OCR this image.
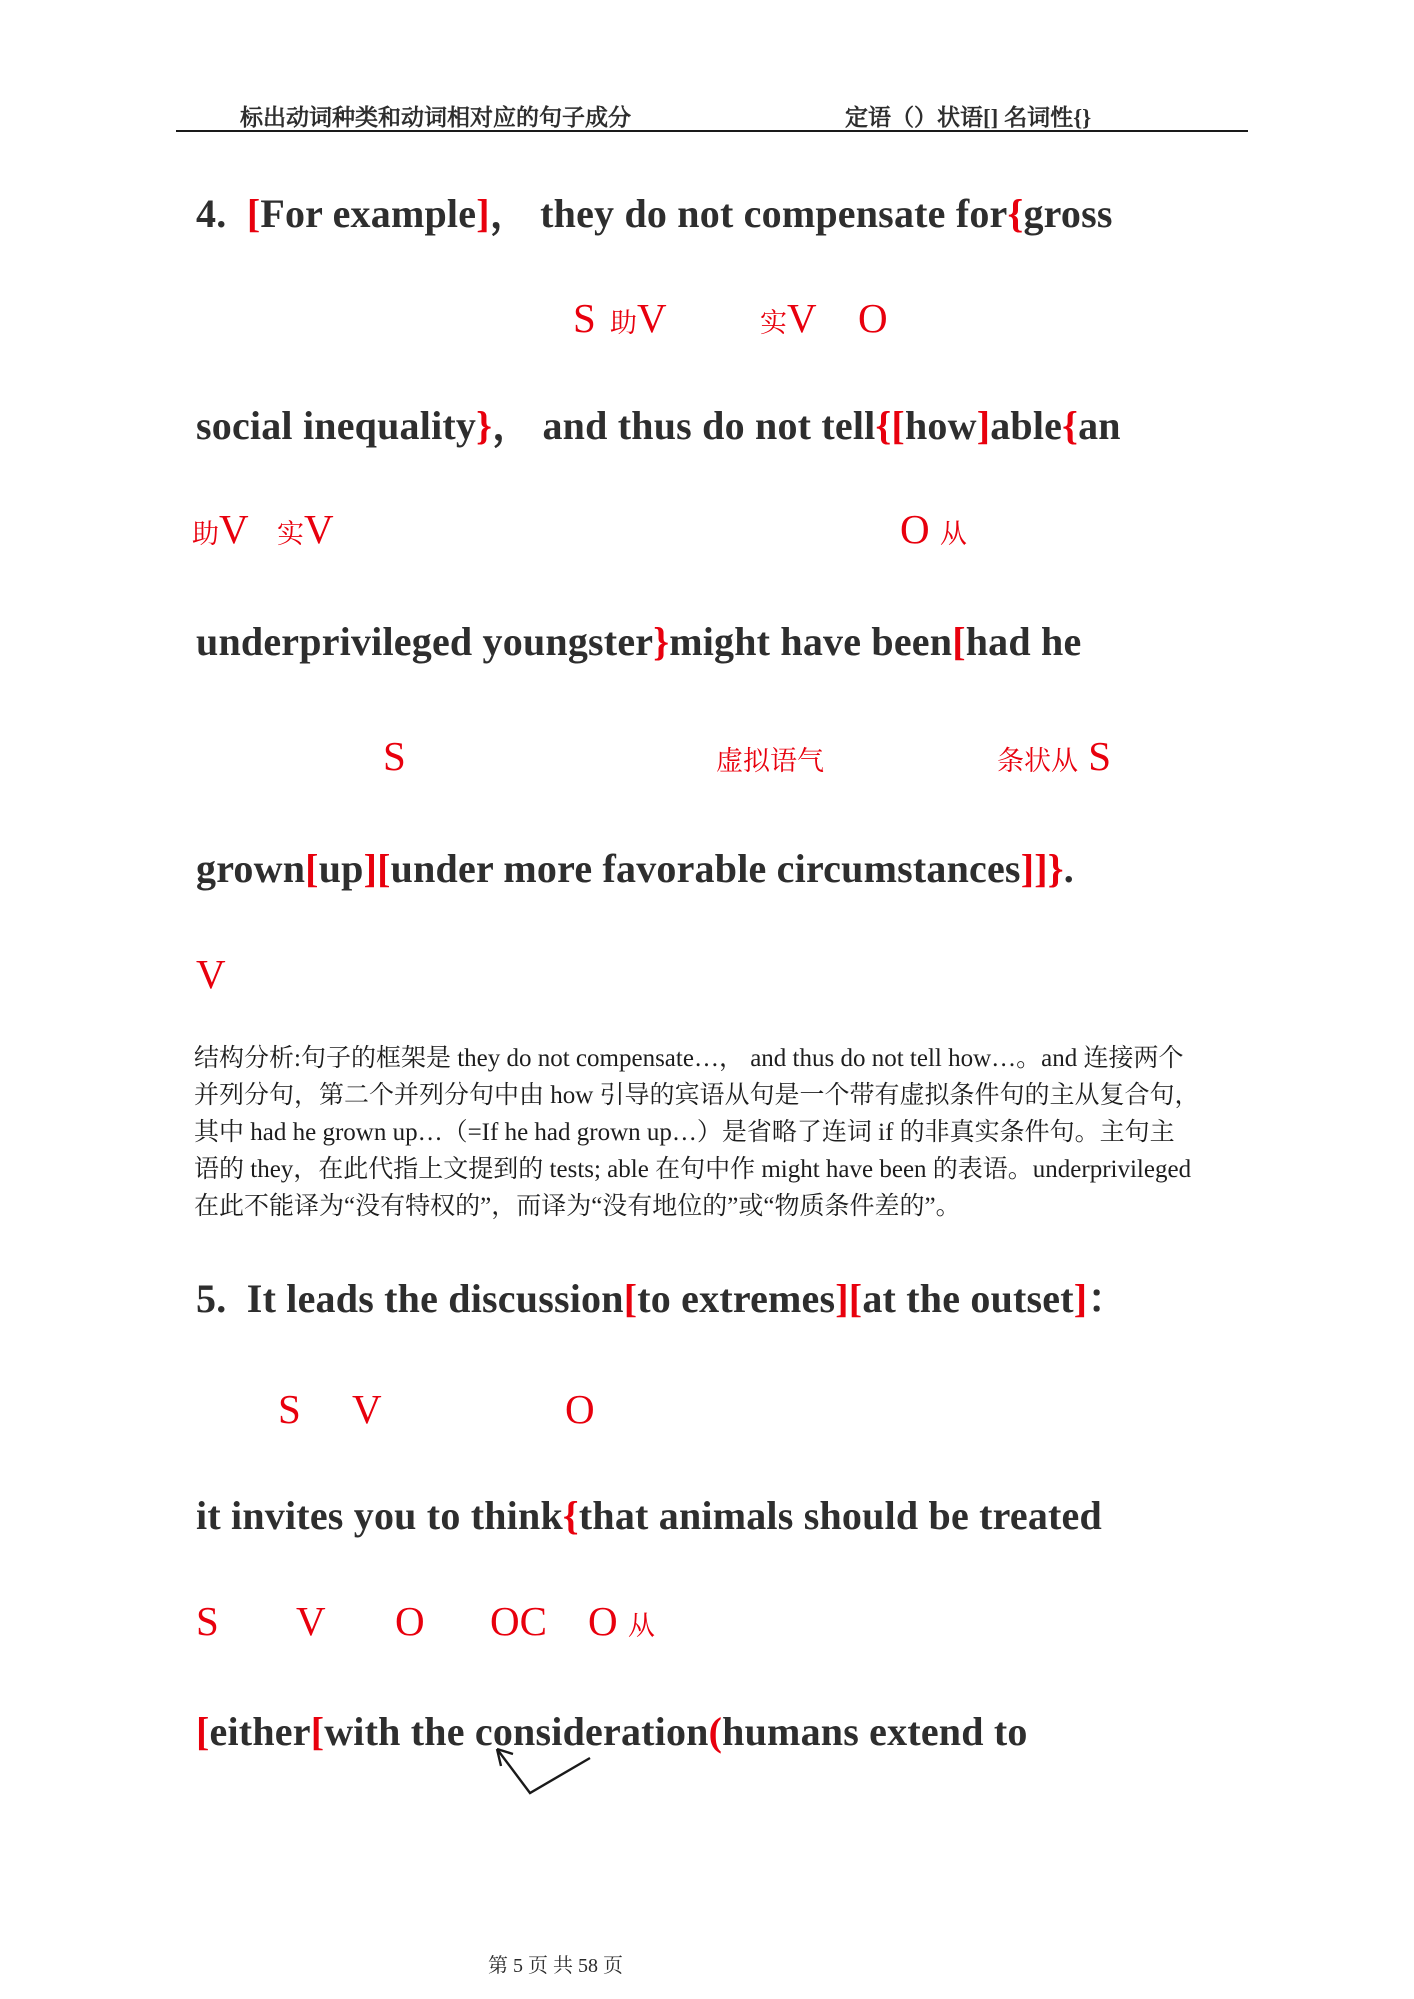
标出动词种类和动词相对应的句子成分	定语（）状语[] 名词性{}
4.  [For example]， they do not compensate for{gross
S 助V	实V O
social inequality}， and thus do not tell{[how]able{an
助V 实V	O 从
underprivileged youngster}might have been[had he
S	虚拟语气	条状从 S
grown[up][under more favorable circumstances]]}.
V
结构分析:句子的框架是 they do not compensate…， and thus do not tell how…。and 连接两个
并列分句，第二个并列分句中由 how 引导的宾语从句是一个带有虚拟条件句的主从复合句，
其中 had he grown up…（=If he had grown up…）是省略了连词 if 的非真实条件句。主句主
语的 they，在此代指上文提到的 tests; able 在句中作 might have been 的表语。underprivileged
在此不能译为“没有特权的”，而译为“没有地位的”或“物质条件差的”。
5.  It leads the discussion[to extremes][at the outset]：
S V	O
it invites you to think{that animals should be treated
S V O OC O 从
[either[with the consideration(humans extend to
第 5 页 共 58 页
